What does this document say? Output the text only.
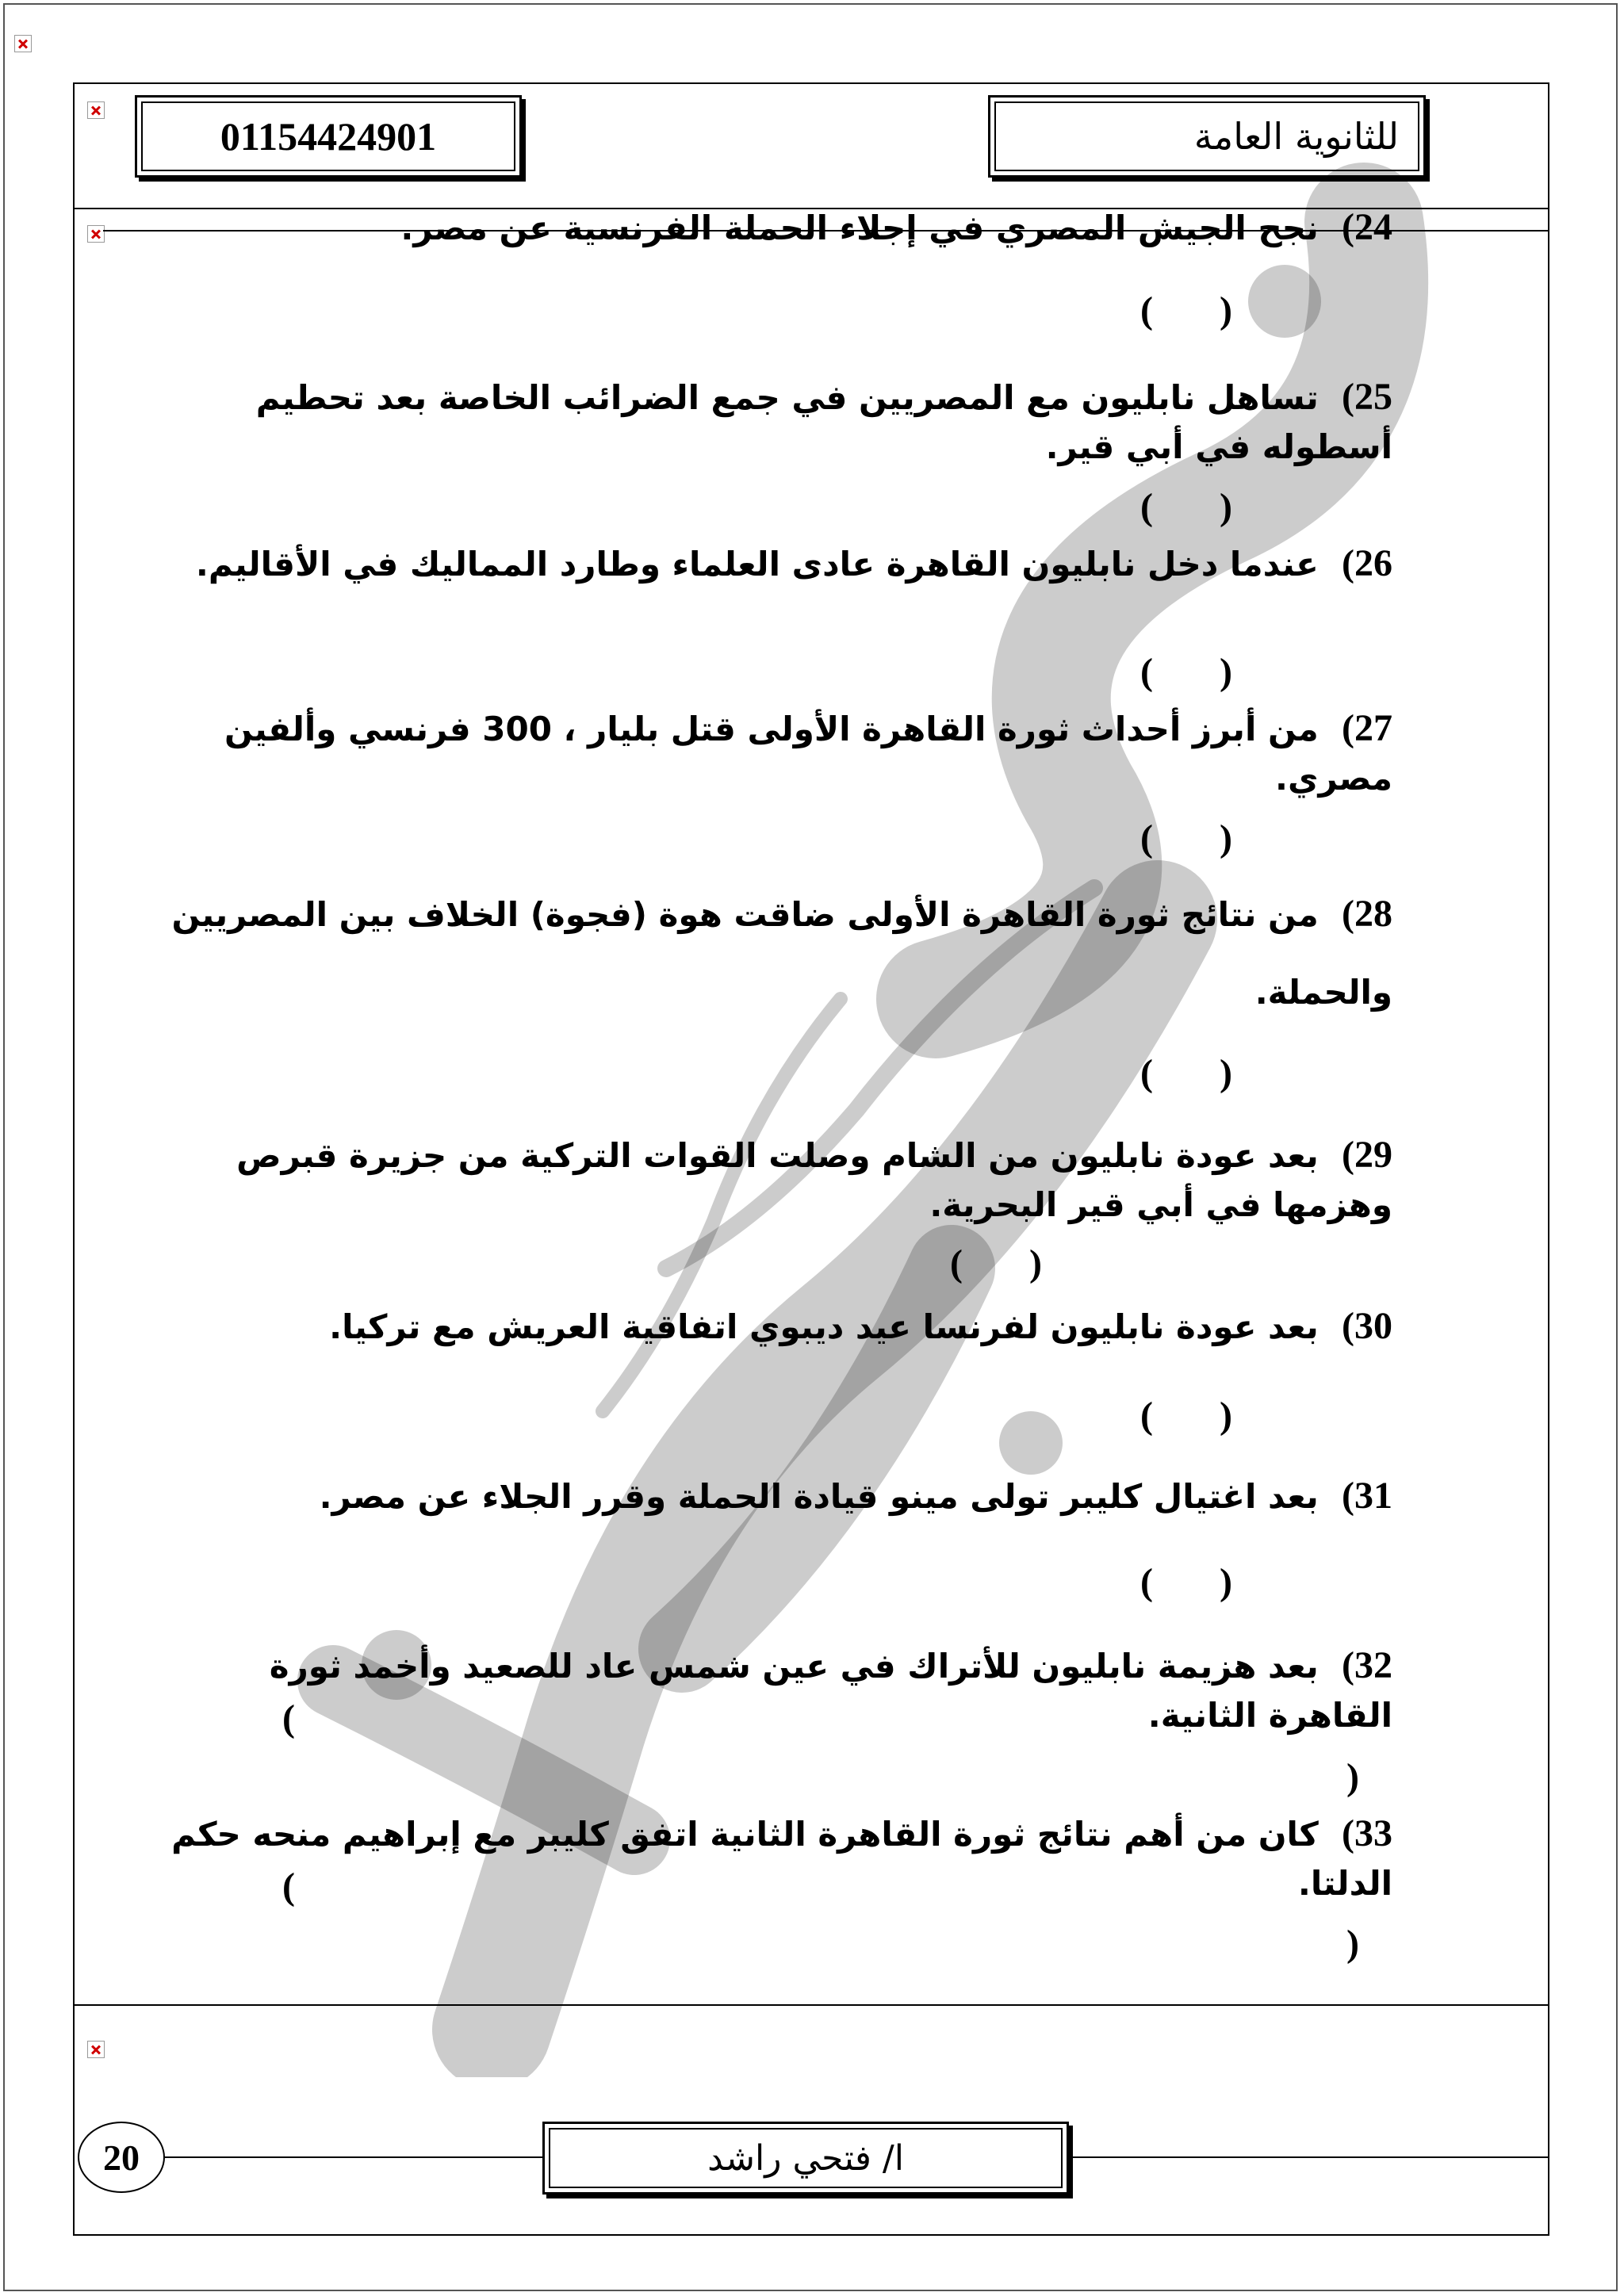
01154424901	للثانوية العامة
24)  نجح الجيش المصري في إجلاء الحملة الفرنسية عن مصر.
(       )
25)  تساهل نابليون مع المصريين في جمع الضرائب الخاصة بعد تحطيم أسطوله في أبي قير.
(       )
26)  عندما دخل نابليون القاهرة عادى العلماء وطارد المماليك في الأقاليم.
(       )
27)  من أبرز أحداث ثورة القاهرة الأولى قتل بليار ، 300 فرنسي وألفين مصري.
(       )
28)  من نتائج ثورة القاهرة الأولى ضاقت هوة (فجوة) الخلاف بين المصريين والحملة.
(       )
29)  بعد عودة نابليون من الشام وصلت القوات التركية من جزيرة قبرص وهزمها في أبي قير البحرية.
(       )
30)  بعد عودة نابليون لفرنسا عيد ديبوي اتفاقية العريش مع تركيا.
(       )
31)  بعد اغتيال كليبر تولى مينو قيادة الحملة وقرر الجلاء عن مصر.
(       )
32)  بعد هزيمة نابليون للأتراك في عين شمس عاد للصعيد وأخمد ثورة القاهرة الثانية.
(
)
33)  كان من أهم نتائج ثورة القاهرة الثانية اتفق كليبر مع إبراهيم منحه حكم الدلتا.
(
)
20	ا/ فتحي راشد
